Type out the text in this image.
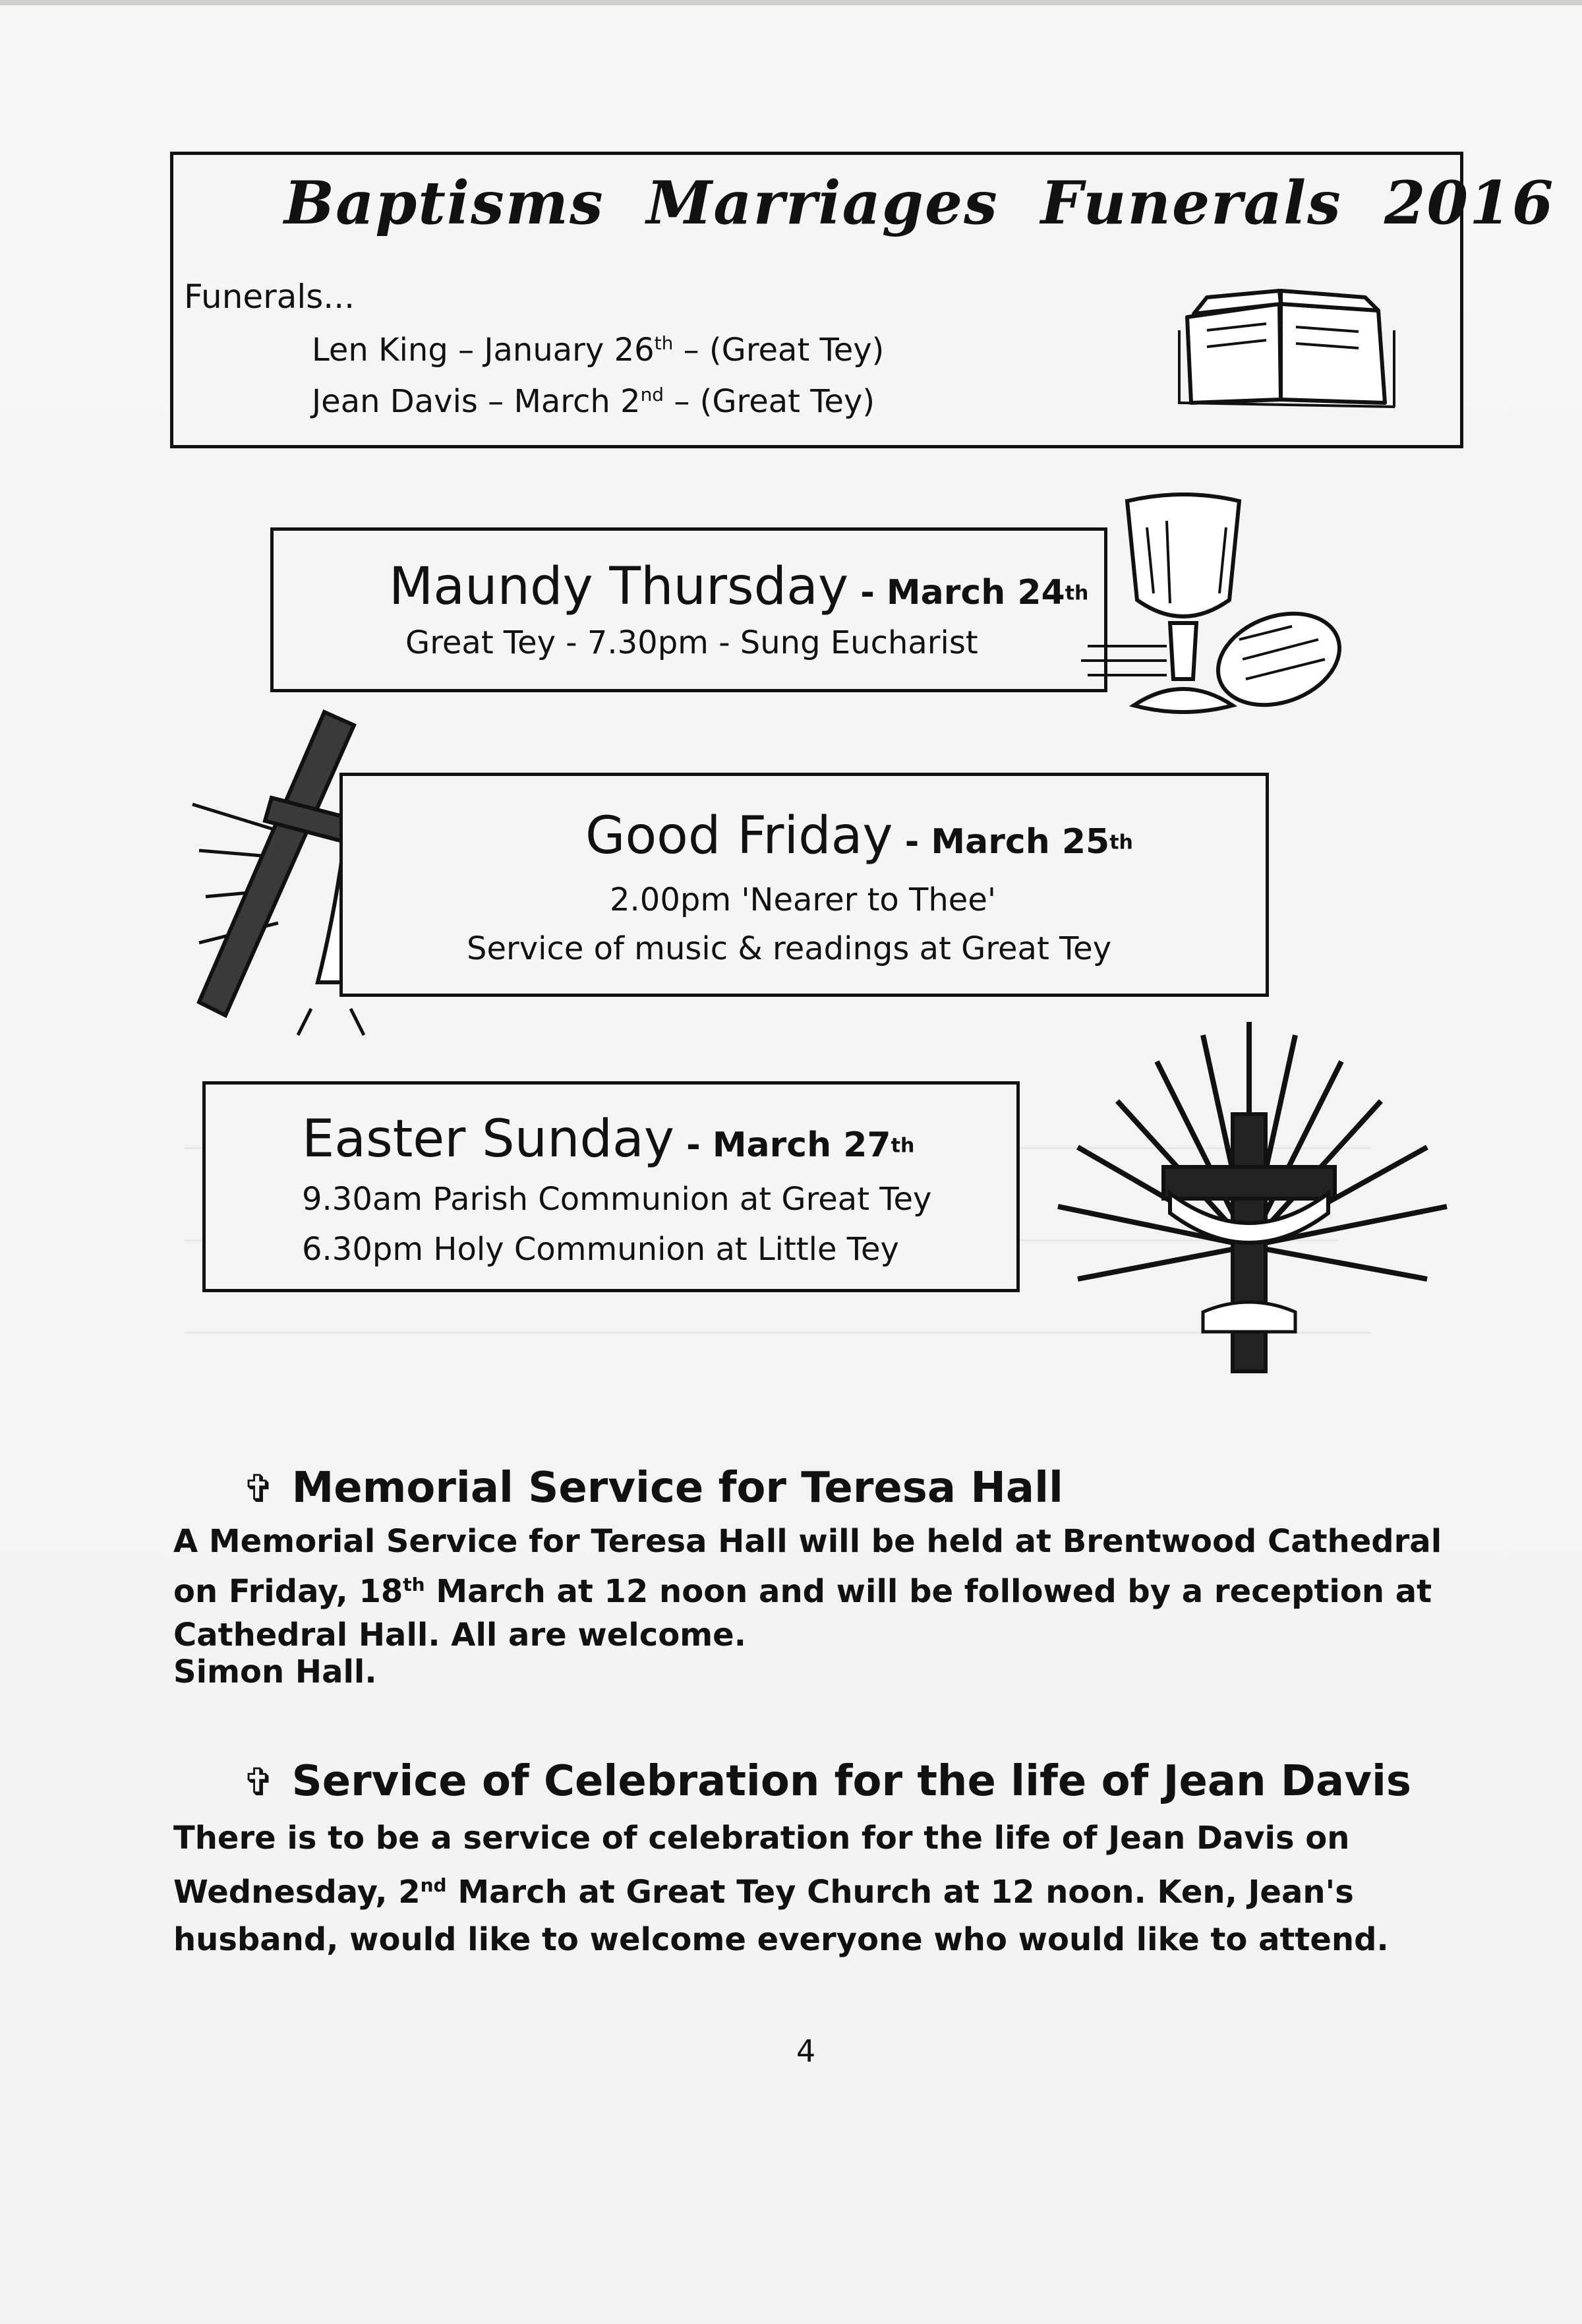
Baptisms Marriages Funerals 2016
Funerals...
Len King – January 26th – (Great Tey)
Jean Davis – March 2nd – (Great Tey)
Maundy Thursday - March 24th
Great Tey - 7.30pm - Sung Eucharist
Good Friday - March 25th
2.00pm 'Nearer to Thee'
Service of music & readings at Great Tey
Easter Sunday - March 27th
9.30am Parish Communion at Great Tey
6.30pm Holy Communion at Little Tey
✞ Memorial Service for Teresa Hall
A Memorial Service for Teresa Hall will be held at Brentwood Cathedral on Friday, 18th March at 12 noon and will be followed by a reception at Cathedral Hall. All are welcome.
Simon Hall.
✞ Service of Celebration for the life of Jean Davis
There is to be a service of celebration for the life of Jean Davis on Wednesday, 2nd March at Great Tey Church at 12 noon. Ken, Jean's husband, would like to welcome everyone who would like to attend.
4
